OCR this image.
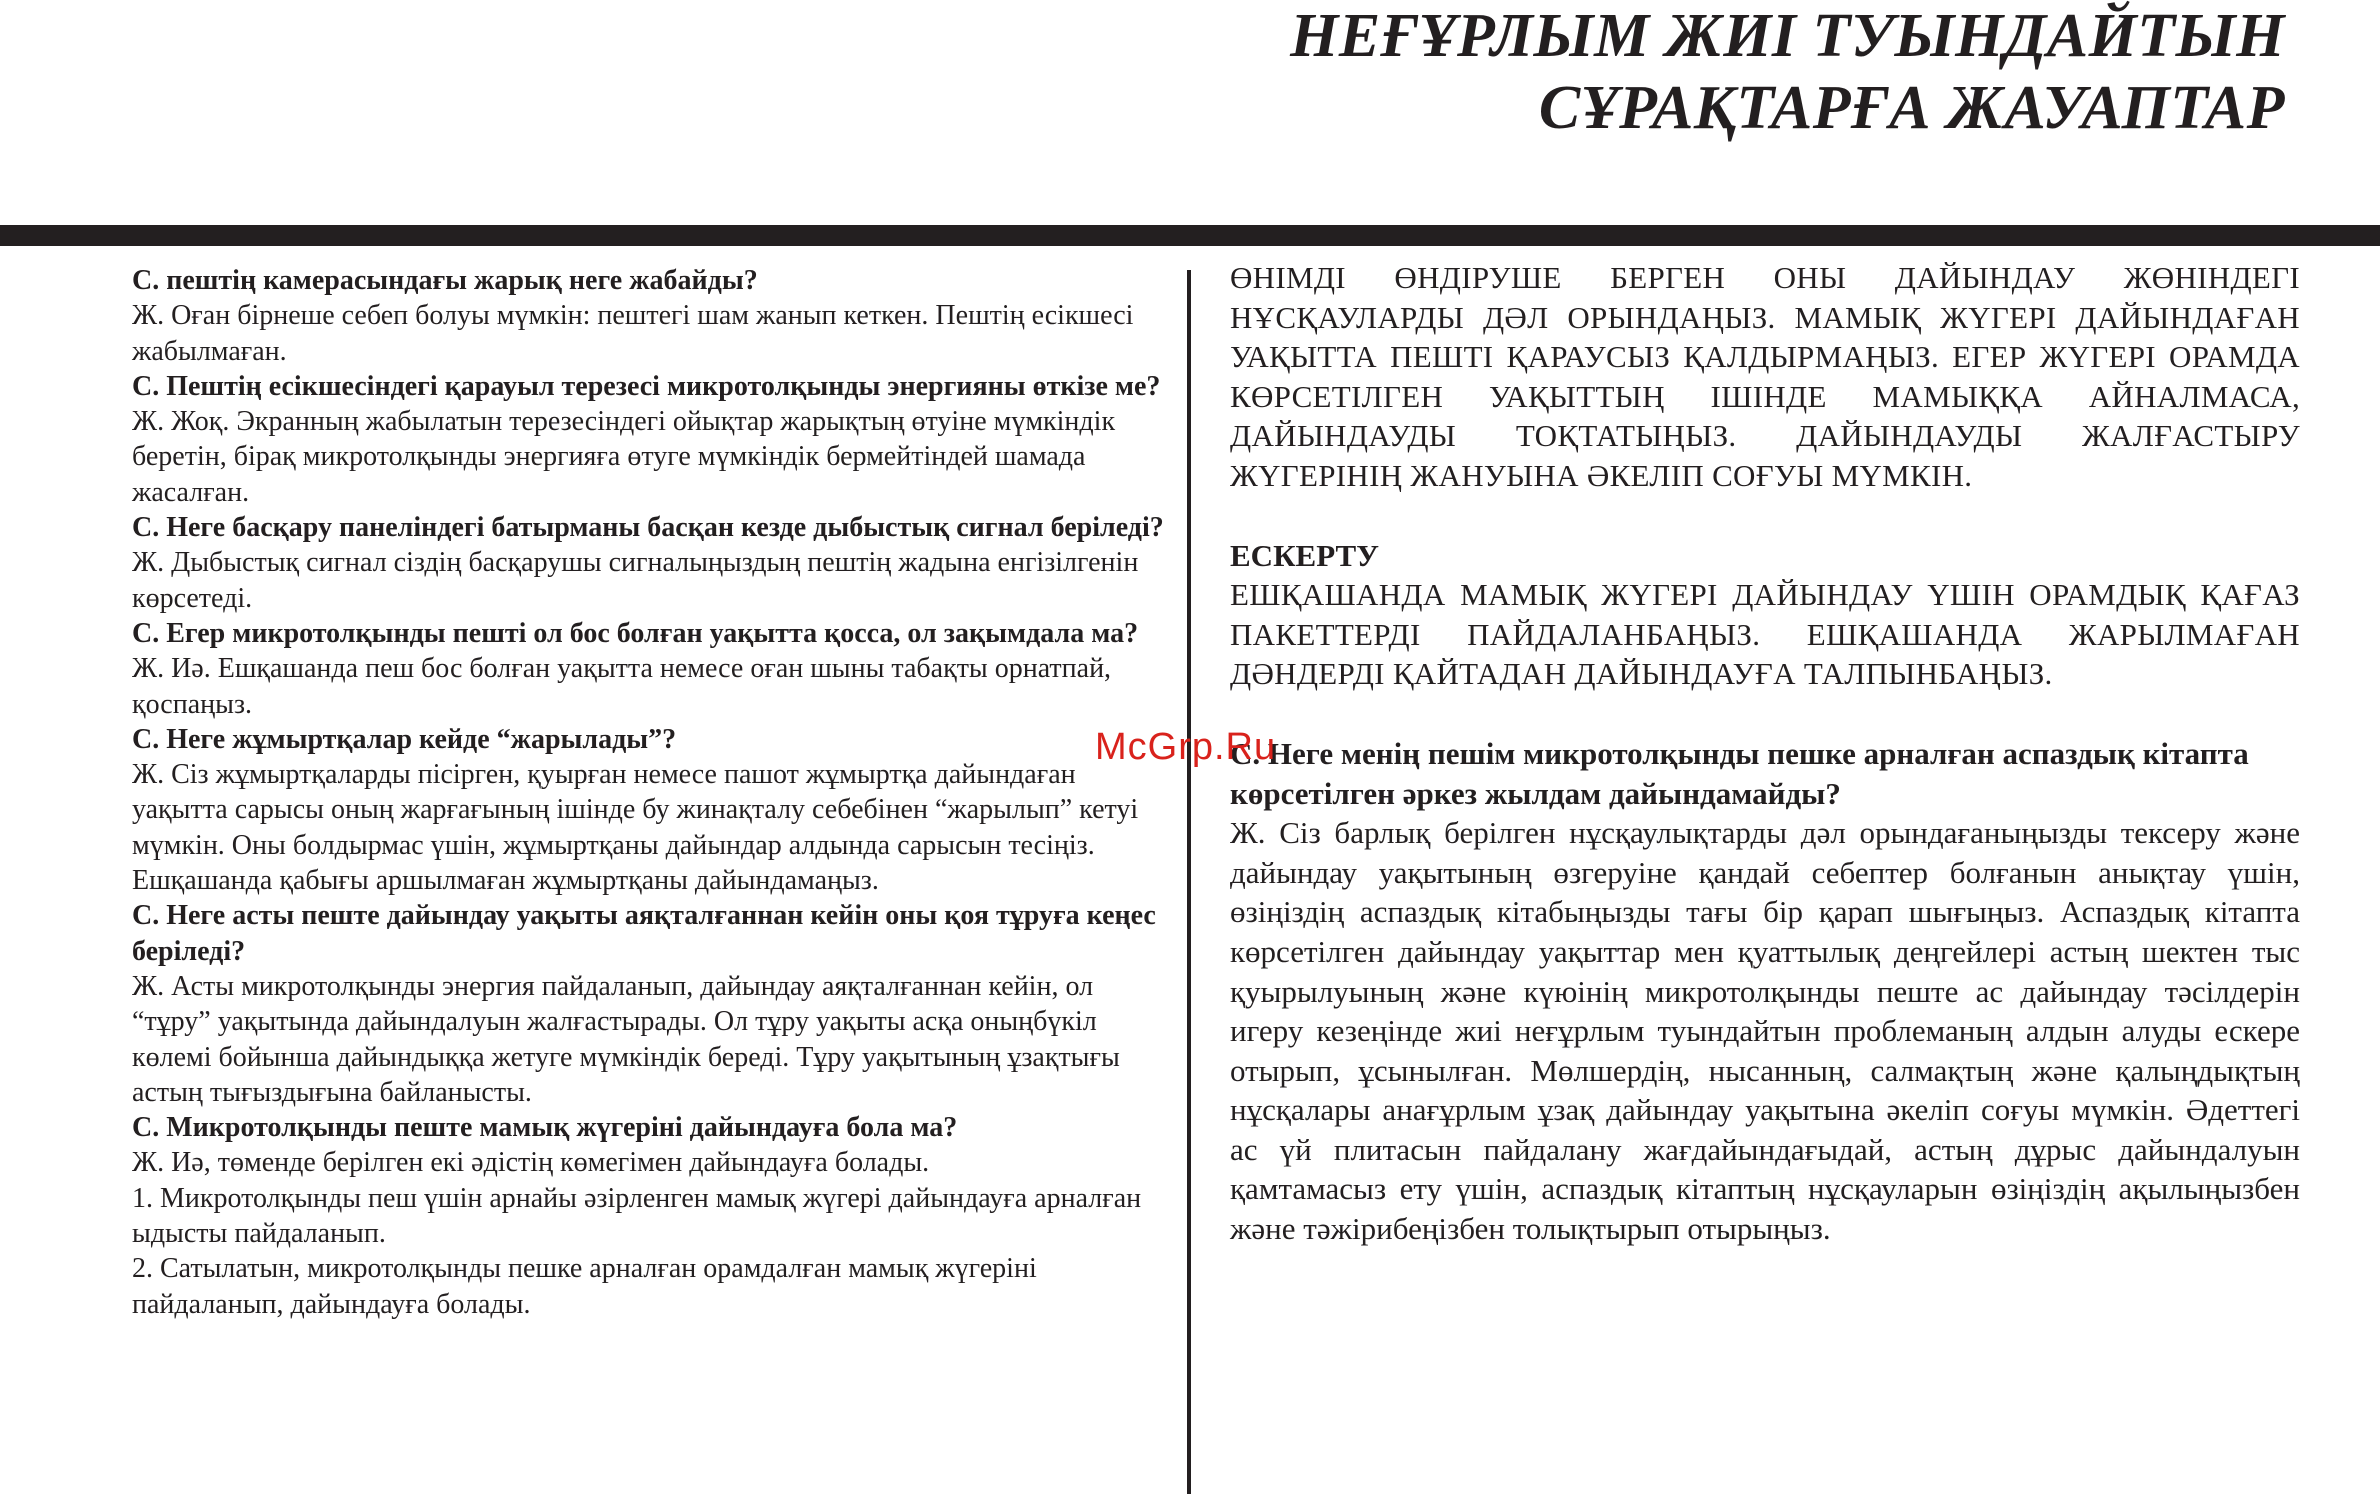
НЕҒҰРЛЫМ ЖИІ ТУЫНДАЙТЫН
СҰРАҚТАРҒА ЖАУАПТАР

С. пештің камерасындағы жарық неге жабайды?

Ж. Оған бірнеше себеп болуы мүмкін: пештегі шам жанып кеткен. Пештің есікшесі жабылмаған.

С. Пештің есікшесіндегі қарауыл терезесі микротолқынды энергияны өткізе ме?

Ж. Жоқ. Экранның жабылатын терезесіндегі ойықтар жарықтың өтуіне мүмкіндік беретін, бірақ микротолқынды энергияға өтуге мүмкіндік бермейтіндей шамада жасалған.

С. Неге басқару панеліндегі батырманы басқан кезде дыбыстық сигнал беріледі?

Ж. Дыбыстық сигнал сіздің басқарушы сигналыңыздың пештің жадына енгізілгенін көрсетеді.

С. Егер микротолқынды пешті ол бос болған уақытта қосса, ол зақымдала ма?

Ж. Иә. Ешқашанда пеш бос болған уақытта немесе оған шыны табақты орнатпай, қоспаңыз.

С. Неге жұмыртқалар кейде “жарылады”?

Ж. Сіз жұмыртқаларды пісірген, қуырған немесе пашот жұмыртқа дайындаған уақытта сарысы оның жарғағының ішінде бу жинақталу себебінен “жарылып” кетуі мүмкін. Оны болдырмас үшін, жұмыртқаны дайындар алдында сарысын тесіңіз. Ешқашанда қабығы аршылмаған жұмыртқаны дайындамаңыз.

С. Неге асты пеште дайындау уақыты аяқталғаннан кейін оны қоя тұруға кеңес беріледі?

Ж. Асты микротолқынды энергия пайдаланып, дайындау аяқталғаннан кейін, ол “тұру” уақытында дайындалуын жалғастырады. Ол тұру уақыты асқа оныңбүкіл көлемі бойынша дайындыққа жетуге мүмкіндік береді. Тұру уақытының ұзақтығы астың тығыздығына байланысты.

С. Микротолқынды пеште мамық жүгеріні дайындауға бола ма?

Ж. Иә, төменде берілген екі әдістің көмегімен дайындауға болады.

1. Микротолқынды пеш үшін арнайы әзірленген мамық жүгері дайындауға арналған ыдысты пайдаланып.

2. Сатылатын, микротолқынды пешке арналған орамдалған мамық жүгеріні пайдаланып, дайындауға болады.

ӨНІМДІ ӨНДІРУШЕ БЕРГЕН ОНЫ ДАЙЫНДАУ ЖӨНІНДЕГІ НҰСҚАУЛАРДЫ ДӘЛ ОРЫНДАҢЫЗ. МАМЫҚ ЖҮГЕРІ ДАЙЫНДАҒАН УАҚЫТТА ПЕШТІ ҚАРАУСЫЗ ҚАЛДЫРМАҢЫЗ. ЕГЕР ЖҮГЕРІ ОРАМДА КӨРСЕТІЛГЕН УАҚЫТТЫҢ ІШІНДЕ МАМЫҚҚА АЙНАЛМАСА, ДАЙЫНДАУДЫ ТОҚТАТЫҢЫЗ. ДАЙЫНДАУДЫ ЖАЛҒАСТЫРУ ЖҮГЕРІНІҢ ЖАНУЫНА ӘКЕЛІП СОҒУЫ МҮМКІН.

ЕСКЕРТУ

ЕШҚАШАНДА МАМЫҚ ЖҮГЕРІ ДАЙЫНДАУ ҮШІН ОРАМДЫҚ ҚАҒАЗ ПАКЕТТЕРДІ ПАЙДАЛАНБАҢЫЗ. ЕШҚАШАНДА ЖАРЫЛМАҒАН ДӘНДЕРДІ ҚАЙТАДАН ДАЙЫНДАУҒА ТАЛПЫНБАҢЫЗ.

С. Неге менің пешім микротолқынды пешке арналған аспаздық кітапта көрсетілген әркез жылдам дайындамайды?

Ж. Сіз барлық берілген нұсқаулықтарды дәл орындағаныңызды тексеру және дайындау уақытының өзгеруіне қандай себептер болғанын анықтау үшін, өзіңіздің аспаздық кітабыңызды тағы бір қарап шығыңыз. Аспаздық кітапта көрсетілген дайындау уақыттар мен қуаттылық деңгейлері астың шектен тыс қуырылуының және күюінің микротолқынды пеште ас дайындау тәсілдерін игеру кезеңінде жиі неғұрлым туындайтын проблеманың алдын алуды ескере отырып, ұсынылған. Мөлшердің, нысанның, салмақтың және қалыңдықтың нұсқалары анағұрлым ұзақ дайындау уақытына әкеліп соғуы мүмкін. Әдеттегі ас үй плитасын пайдалану жағдайындағыдай, астың дұрыс дайындалуын қамтамасыз ету үшін, аспаздық кітаптың нұсқауларын өзіңіздің ақылыңызбен және тәжірибеңізбен толықтырып отырыңыз.

McGrp.Ru
